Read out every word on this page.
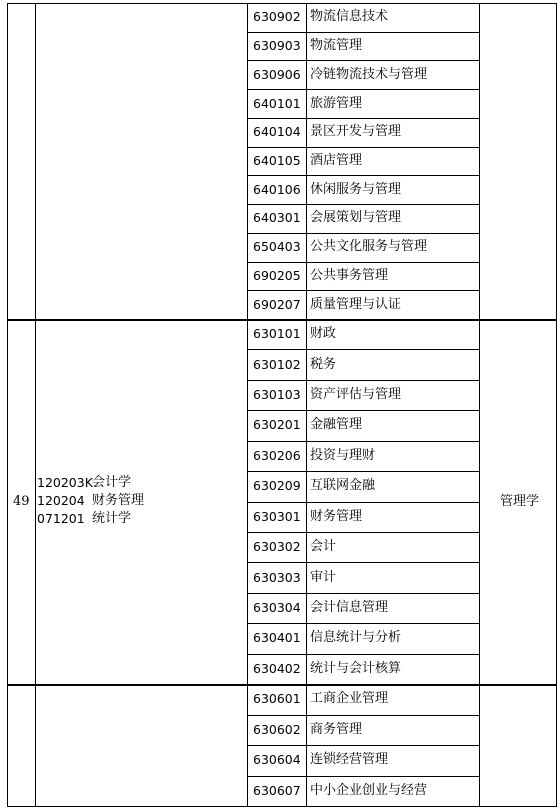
630902 物流信息技术
630903 物流管理
630906 冷链物流技术与管理
640101 旅游管理
640104 景区开发与管理
640105 酒店管理
640106 休闲服务与管理
640301 会展策划与管理
650403 公共文化服务与管理
690205 公共事务管理
690207 质量管理与认证
630101 财政
630102 税务
630103 资产评估与管理
630201 金融管理
630206 投资与理财
630209 互联网金融
630301 财务管理
630302 会计
630303 审计
630304 会计信息管理
630401 信息统计与分析
630402 统计与会计核算
49
120203K 会计学
120204 财务管理
071201 统计学
管理学
630601 工商企业管理
630602 商务管理
630604 连锁经营管理
630607 中小企业创业与经营
